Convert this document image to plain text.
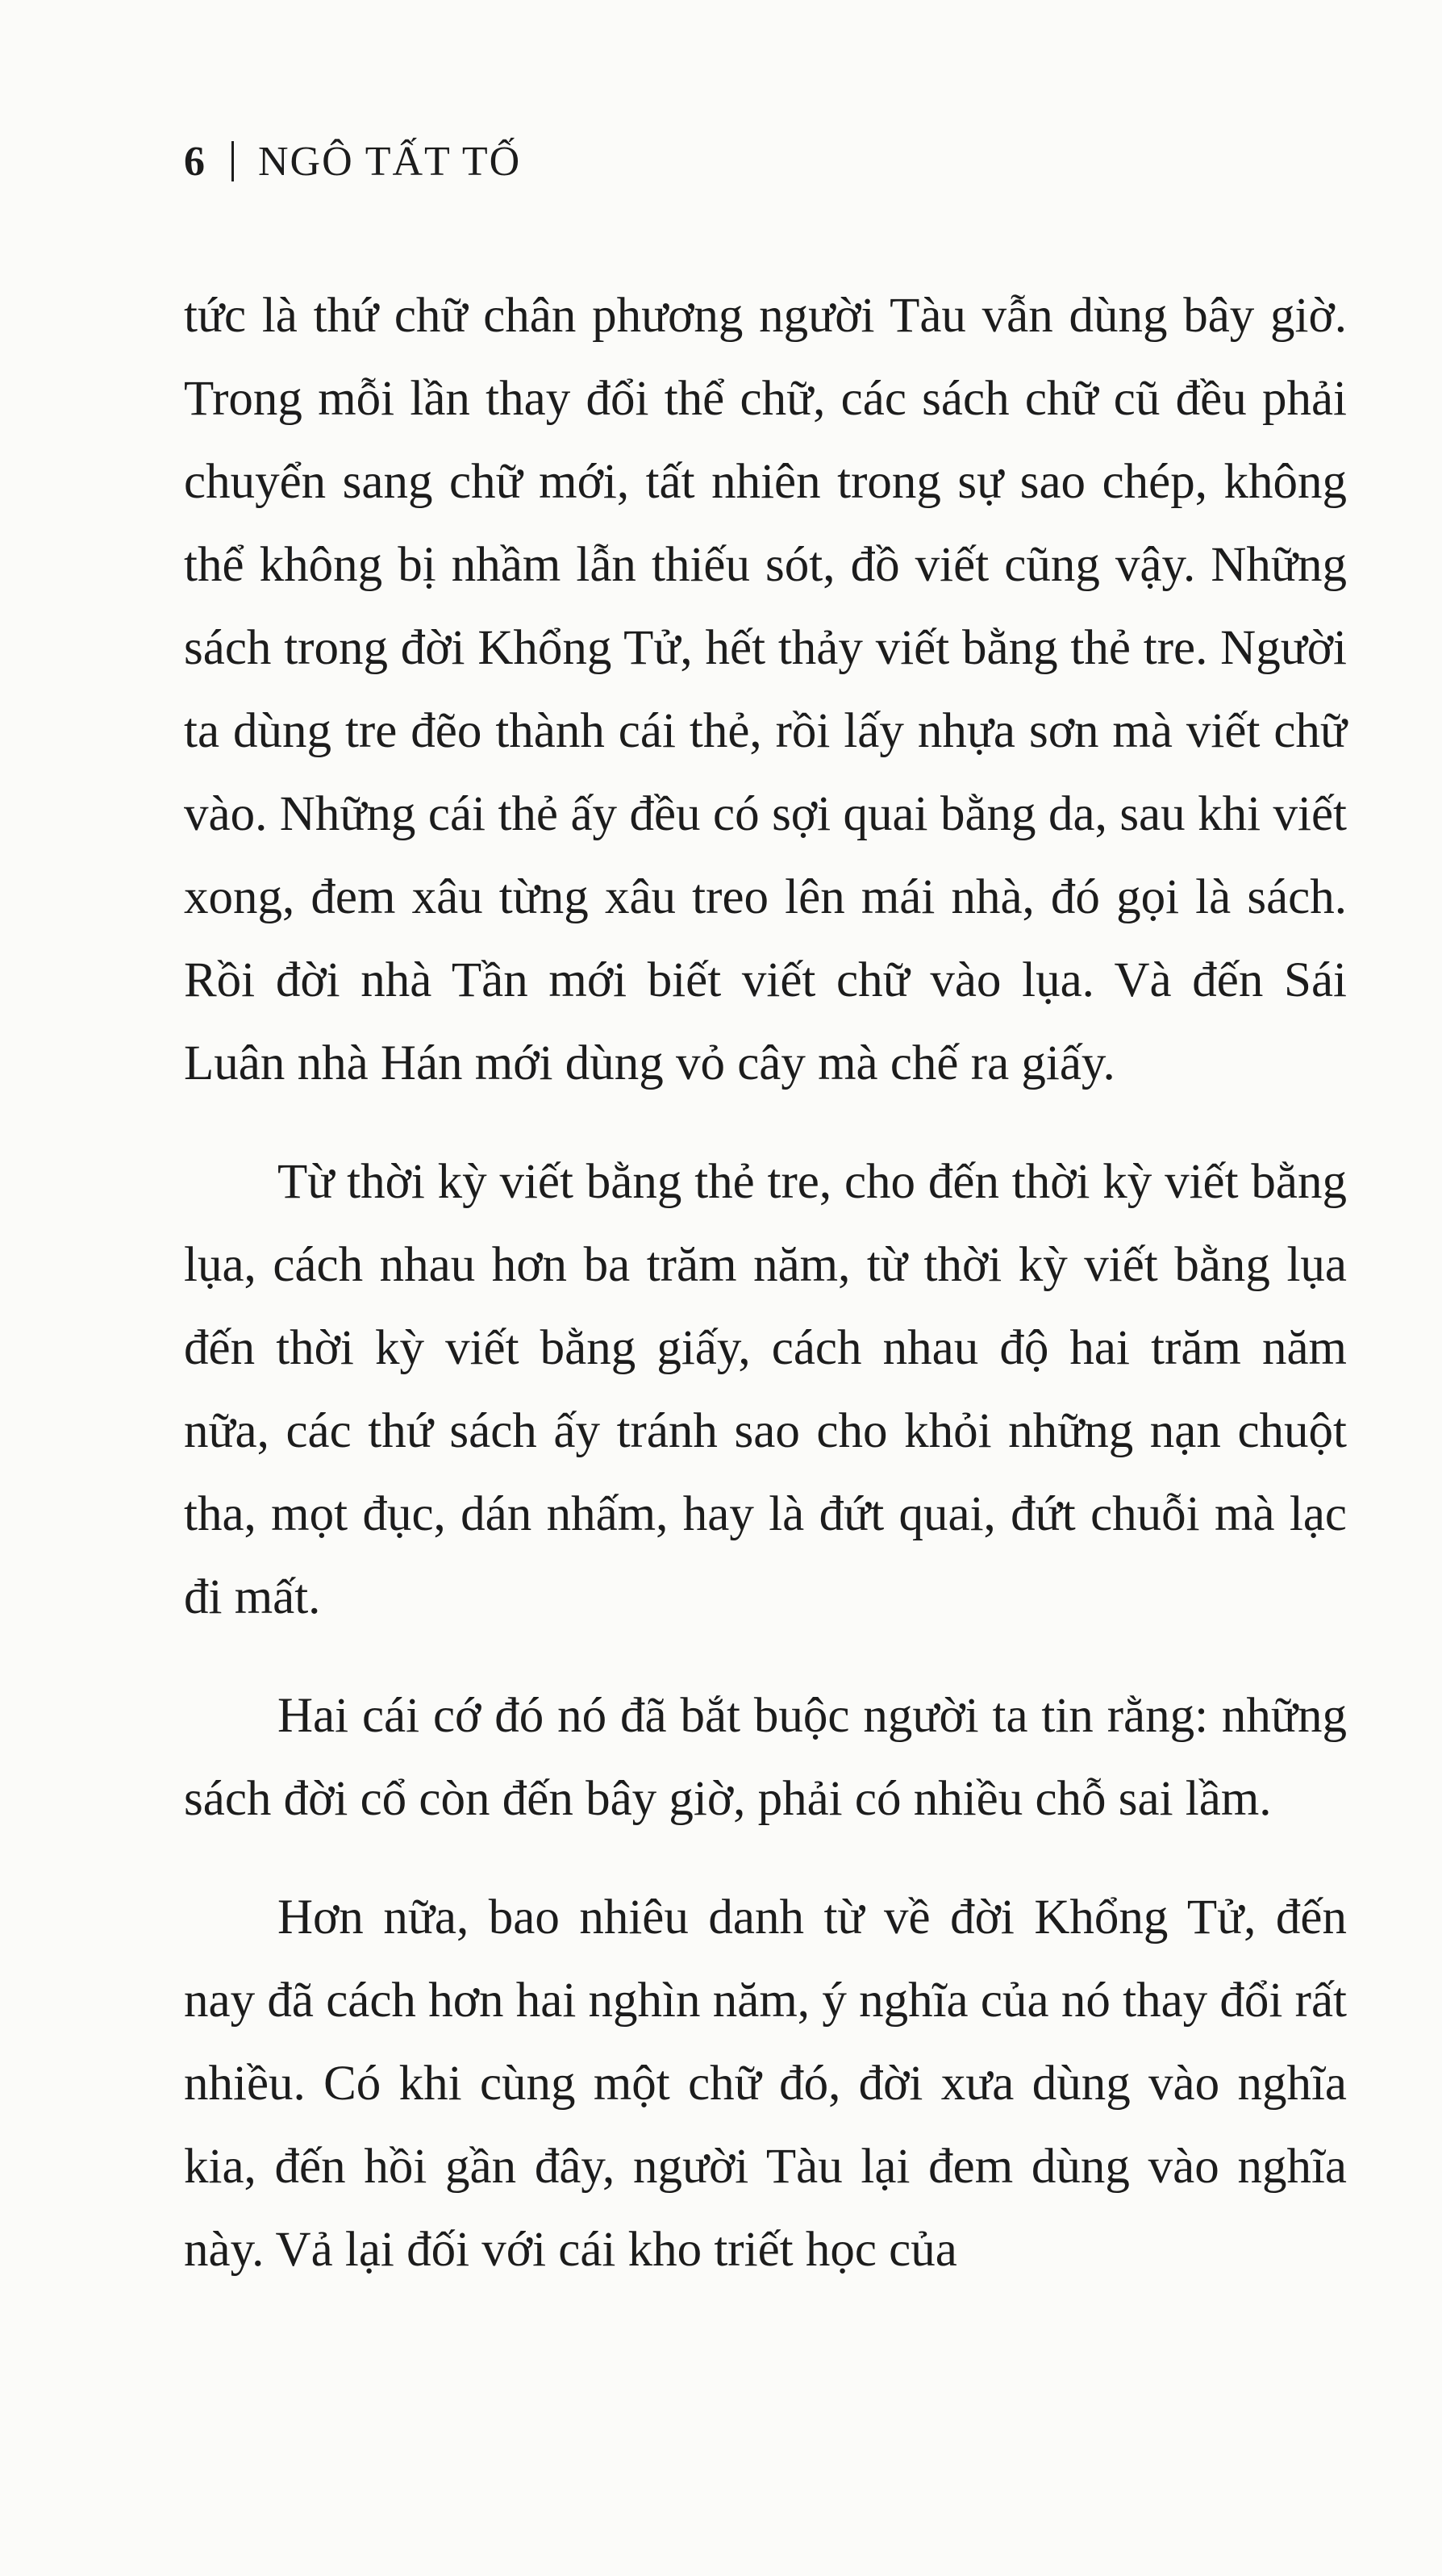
6 NGÔ TẤT TỐ

tức là thứ chữ chân phương người Tàu vẫn dùng bây giờ. Trong mỗi lần thay đổi thể chữ, các sách chữ cũ đều phải chuyển sang chữ mới, tất nhiên trong sự sao chép, không thể không bị nhầm lẫn thiếu sót, đồ viết cũng vậy. Những sách trong đời Khổng Tử, hết thảy viết bằng thẻ tre. Người ta dùng tre đẽo thành cái thẻ, rồi lấy nhựa sơn mà viết chữ vào. Những cái thẻ ấy đều có sợi quai bằng da, sau khi viết xong, đem xâu từng xâu treo lên mái nhà, đó gọi là sách. Rồi đời nhà Tần mới biết viết chữ vào lụa. Và đến Sái Luân nhà Hán mới dùng vỏ cây mà chế ra giấy.

Từ thời kỳ viết bằng thẻ tre, cho đến thời kỳ viết bằng lụa, cách nhau hơn ba trăm năm, từ thời kỳ viết bằng lụa đến thời kỳ viết bằng giấy, cách nhau độ hai trăm năm nữa, các thứ sách ấy tránh sao cho khỏi những nạn chuột tha, mọt đục, dán nhấm, hay là đứt quai, đứt chuỗi mà lạc đi mất.

Hai cái cớ đó nó đã bắt buộc người ta tin rằng: những sách đời cổ còn đến bây giờ, phải có nhiều chỗ sai lầm.

Hơn nữa, bao nhiêu danh từ về đời Khổng Tử, đến nay đã cách hơn hai nghìn năm, ý nghĩa của nó thay đổi rất nhiều. Có khi cùng một chữ đó, đời xưa dùng vào nghĩa kia, đến hồi gần đây, người Tàu lại đem dùng vào nghĩa này. Vả lại đối với cái kho triết học của
